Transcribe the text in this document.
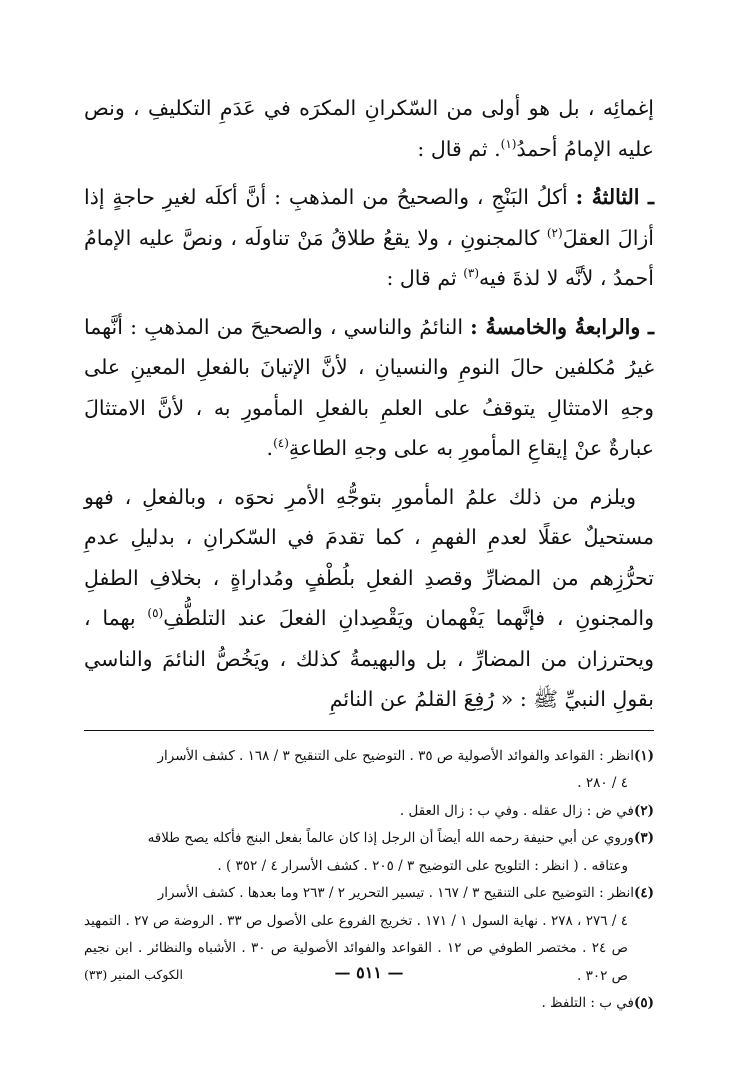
إغمائِه ، بل هو أولى من السّكرانِ المكرَه في عَدَمِ التكليفِ ، ونص عليه الإمامُ أحمدُ$^{(١)}$. ثم قال :

ـ الثالثةُ : أكلُ البَنْجِ ، والصحيحُ من المذهبِ : أنَّ أكلَه لغيرِ حاجةٍ إذا أزالَ العقلَ$^{(٢)}$ كالمجنونِ ، ولا يقعُ طلاقُ مَنْ تناولَه ، ونصَّ عليه الإمامُ أحمدُ ، لأنَّه لا لذةَ فيه$^{(٣)}$ ثم قال :

ـ والرابعةُ والخامسةُ : النائمُ والناسي ، والصحيحَ من المذهبِ : أنَّهما غيرُ مُكلفين حالَ النومِ والنسيانِ ، لأنَّ الإتيانَ بالفعلِ المعينِ على وجهِ الامتثالِ يتوقفُ على العلمِ بالفعلِ المأمورِ به ، لأنَّ الامتثالَ عبارةٌ عنْ إيقاعِ المأمورِ به على وجهِ الطاعةِ$^{(٤)}$.

ويلزم من ذلك علمُ المأمورِ بتوجُّهِ الأمرِ نحوَه ، وبالفعلِ ، فهو مستحيلٌ عقلًا لعدمِ الفهمِ ، كما تقدمَ في السّكرانِ ، بدليلِ عدمِ تحرُّزِهم من المضارِّ وقصدِ الفعلِ بلُطْفٍ ومُداراةٍ ، بخلافِ الطفلِ والمجنونِ ، فإنَّهما يَفْهمان ويَقْصِدانِ الفعلَ عند التلطُّفِ$^{(٥)}$ بهما ، ويحترزان من المضارِّ ، بل والبهيمةُ كذلك ، ويَخُصُّ النائمَ والناسي بقولِ النبيِّ ﷺ : « رُفِعَ القلمُ عن النائمِ

(١)انظر : القواعد والفوائد الأصولية ص ٣٥ . التوضيح على التنقيح ٣ / ١٦٨ . كشف الأسرار
٤ / ٢٨٠ .

(٢)في ض : زال عقله . وفي ب : زال العقل .

(٣)وروي عن أبي حنيفة رحمه الله أيضاً أن الرجل إذا كان عالماً بفعل البنج فأكله يصح طلاقه
وعتاقه . ( انظر : التلويح على التوضيح ٣ / ٢٠٥ . كشف الأسرار ٤ / ٣٥٢ ) .

(٤)انظر : التوضيح على التنقيح ٣ / ١٦٧ . تيسير التحرير ٢ / ٢٦٣ وما بعدها . كشف الأسرار
٤ / ٢٧٦ ، ٢٧٨ . نهاية السول ١ / ١٧١ . تخريج الفروع على الأصول ص ٣٣ . الروضة ص ٢٧ . التمهيد ص ٢٤ . مختصر الطوفي ص ١٢ . القواعد والفوائد الأصولية ص ٣٠ . الأشباه والنظائر . ابن نجيم ص ٣٠٢ .

(٥)في ب : التلفظ .

— ٥١١ —
الكوكب المنير (٣٣)
